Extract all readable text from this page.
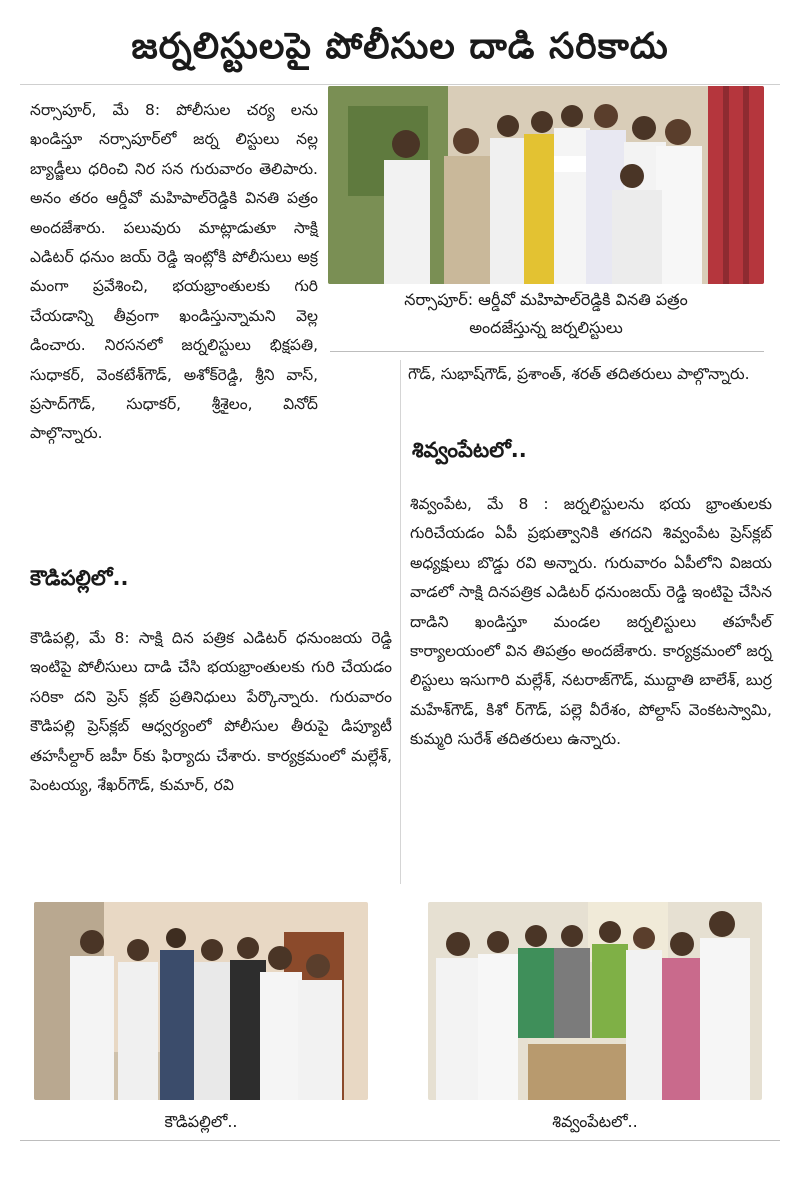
జర్నలిస్టులపై పోలీసుల దాడి సరికాదు

నర్సాపూర్, మే 8: పోలీసుల చర్య లను ఖండిస్తూ నర్సాపూర్‌లో జర్న లిస్టులు నల్ల బ్యాడ్జీలు ధరించి నిర సన గురువారం తెలిపారు. అనం తరం ఆర్డీవో మహిపాల్‌రెడ్డికి వినతి పత్రం అందజేశారు. పలువురు మాట్లాడుతూ సాక్షి ఎడిటర్ ధనుం జయ్ రెడ్డి ఇంట్లోకి పోలీసులు అక్ర మంగా ప్రవేశించి, భయభ్రాంతులకు గురి చేయడాన్ని తీవ్రంగా ఖండిస్తున్నామని వెల్ల డించారు. నిరసనలో జర్నలిస్టులు భిక్షపతి, సుధాకర్, వెంకటేశ్‌గౌడ్, అశోక్‌రెడ్డి, శ్రీని వాస్, ప్రసాద్‌గౌడ్, సుధాకర్, శ్రీశైలం, వినోద్ పాల్గొన్నారు.

నర్సాపూర్: ఆర్డీవో మహిపాల్‌రెడ్డికి వినతి పత్రం
అందజేస్తున్న జర్నలిస్టులు

గౌడ్, సుభాష్‌గౌడ్, ప్రశాంత్, శరత్ తదితరులు పాల్గొన్నారు.

కౌడిపల్లిలో..

కౌడిపల్లి, మే 8: సాక్షి దిన పత్రిక ఎడిటర్ ధనుంజయ రెడ్డి ఇంటిపై పోలీసులు దాడి చేసి భయభ్రాంతులకు గురి చేయడం సరికా దని ప్రెస్ క్లబ్ ప్రతినిధులు పేర్కొన్నారు. గురువారం కౌడిపల్లి ప్రెస్‌క్లబ్ ఆధ్వర్యంలో పోలీసుల తీరుపై డిప్యూటీ తహసీల్దార్ జహీ ర్‌కు ఫిర్యాదు చేశారు. కార్యక్రమంలో మల్లేశ్, పెంటయ్య, శేఖర్‌గౌడ్, కుమార్, రవి

శివ్వంపేటలో..

శివ్వంపేట, మే 8 : జర్నలిస్టులను భయ భ్రాంతులకు గురిచేయడం ఏపీ ప్రభుత్వానికి తగదని శివ్వంపేట ప్రెస్‌క్లబ్ అధ్యక్షులు బొడ్డు రవి అన్నారు. గురువారం ఏపీలోని విజయ వాడలో సాక్షి దినపత్రిక ఎడిటర్ ధనుంజయ్ రెడ్డి ఇంటిపై చేసిన దాడిని ఖండిస్తూ మండల జర్నలిస్టులు తహసీల్ కార్యాలయంలో విన తిపత్రం అందజేశారు. కార్యక్రమంలో జర్న లిస్టులు ఇసుగారి మల్లేశ్, నటరాజ్‌గౌడ్, ముద్దాతి బాలేశ్, బుర్ర మహేశ్‌గౌడ్, కిశో ర్‌గౌడ్, పల్లె వీరేశం, పోల్దాస్ వెంకటస్వామి, కుమ్మరి సురేశ్ తదితరులు ఉన్నారు.

కౌడిపల్లిలో..	శివ్వంపేటలో..
